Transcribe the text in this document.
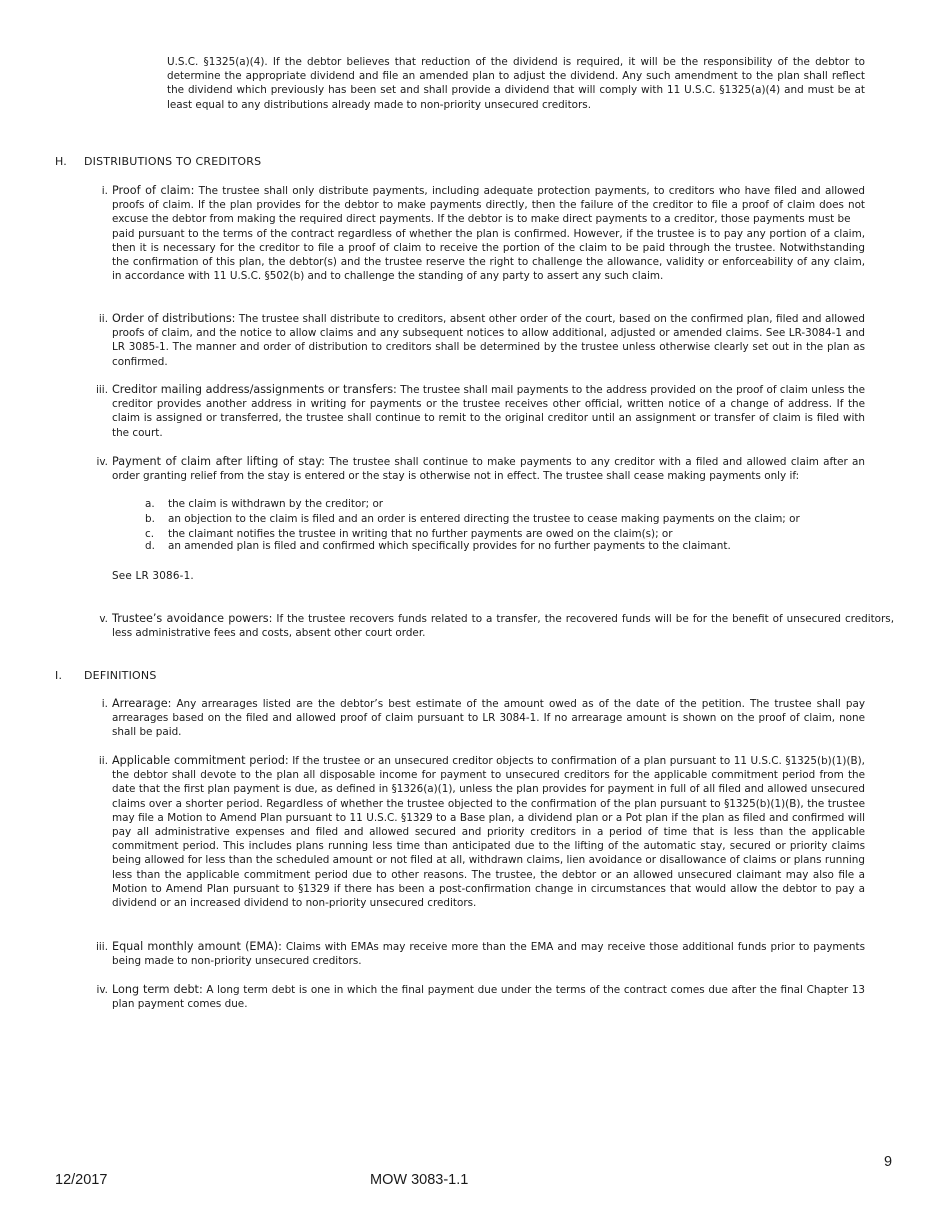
U.S.C. §1325(a)(4). If the debtor believes that reduction of the dividend is required, it will be the responsibility of the debtor to determine the appropriate dividend and file an amended plan to adjust the dividend. Any such amendment to the plan shall reflect the dividend which previously has been set and shall provide a dividend that will comply with 11 U.S.C. §1325(a)(4) and must be at least equal to any distributions already made to non-priority unsecured creditors.

H. DISTRIBUTIONS TO CREDITORS
i. Proof of claim: The trustee shall only distribute payments, including adequate protection payments, to creditors who have filed and allowed proofs of claim. If the plan provides for the debtor to make payments directly, then the failure of the creditor to file a proof of claim does not excuse the debtor from making the required direct payments. If the debtor is to make direct payments to a creditor, those payments must be

paid pursuant to the terms of the contract regardless of whether the plan is confirmed. However, if the trustee is to pay any portion of a claim, then it is necessary for the creditor to file a proof of claim to receive the portion of the claim to be paid through the trustee. Notwithstanding the confirmation of this plan, the debtor(s) and the trustee reserve the right to challenge the allowance, validity or enforceability of any claim, in accordance with 11 U.S.C. §502(b) and to challenge the standing of any party to assert any such claim.

ii. Order of distributions: The trustee shall distribute to creditors, absent other order of the court, based on the confirmed plan, filed and allowed proofs of claim, and the notice to allow claims and any subsequent notices to allow additional, adjusted or amended claims. See LR-3084-1 and LR 3085-1. The manner and order of distribution to creditors shall be determined by the trustee unless otherwise clearly set out in the plan as confirmed.

iii. Creditor mailing address/assignments or transfers: The trustee shall mail payments to the address provided on the proof of claim unless the creditor provides another address in writing for payments or the trustee receives other official, written notice of a change of address. If the claim is assigned or transferred, the trustee shall continue to remit to the original creditor until an assignment or transfer of claim is filed with the court.

iv. Payment of claim after lifting of stay: The trustee shall continue to make payments to any creditor with a filed and allowed claim after an order granting relief from the stay is entered or the stay is otherwise not in effect. The trustee shall cease making payments only if:

a.	the claim is withdrawn by the creditor; or
b.	an objection to the claim is filed and an order is entered directing the trustee to cease making payments on the claim; or
c.	the claimant notifies the trustee in writing that no further payments are owed on the claim(s); or
d.	an amended plan is filed and confirmed which specifically provides for no further payments to the claimant.

See LR 3086-1.

v. Trustee’s avoidance powers: If the trustee recovers funds related to a transfer, the recovered funds will be for the benefit of unsecured creditors, less administrative fees and costs, absent other court order.

I. DEFINITIONS
i. Arrearage: Any arrearages listed are the debtor’s best estimate of the amount owed as of the date of the petition. The trustee shall pay arrearages based on the filed and allowed proof of claim pursuant to LR 3084-1. If no arrearage amount is shown on the proof of claim, none shall be paid.

ii. Applicable commitment period: If the trustee or an unsecured creditor objects to confirmation of a plan pursuant to 11 U.S.C. §1325(b)(1)(B), the debtor shall devote to the plan all disposable income for payment to unsecured creditors for the applicable commitment period from the date that the first plan payment is due, as defined in §1326(a)(1), unless the plan provides for payment in full of all filed and allowed unsecured claims over a shorter period. Regardless of whether the trustee objected to the confirmation of the plan pursuant to §1325(b)(1)(B), the trustee may file a Motion to Amend Plan pursuant to 11 U.S.C. §1329 to a Base plan, a dividend plan or a Pot plan if the plan as filed and confirmed will pay all administrative expenses and filed and allowed secured and priority creditors in a period of time that is less than the applicable commitment period. This includes plans running less time than anticipated due to the lifting of the automatic stay, secured or priority claims being allowed for less than the scheduled amount or not filed at all, withdrawn claims, lien avoidance or disallowance of claims or plans running less than the applicable commitment period due to other reasons. The trustee, the debtor or an allowed unsecured claimant may also file a Motion to Amend Plan pursuant to §1329 if there has been a post-confirmation change in circumstances that would allow the debtor to pay a dividend or an increased dividend to non-priority unsecured creditors.

iii. Equal monthly amount (EMA): Claims with EMAs may receive more than the EMA and may receive those additional funds prior to payments being made to non-priority unsecured creditors.

iv. Long term debt: A long term debt is one in which the final payment due under the terms of the contract comes due after the final Chapter 13 plan payment comes due.

9
12/2017	MOW 3083-1.1
